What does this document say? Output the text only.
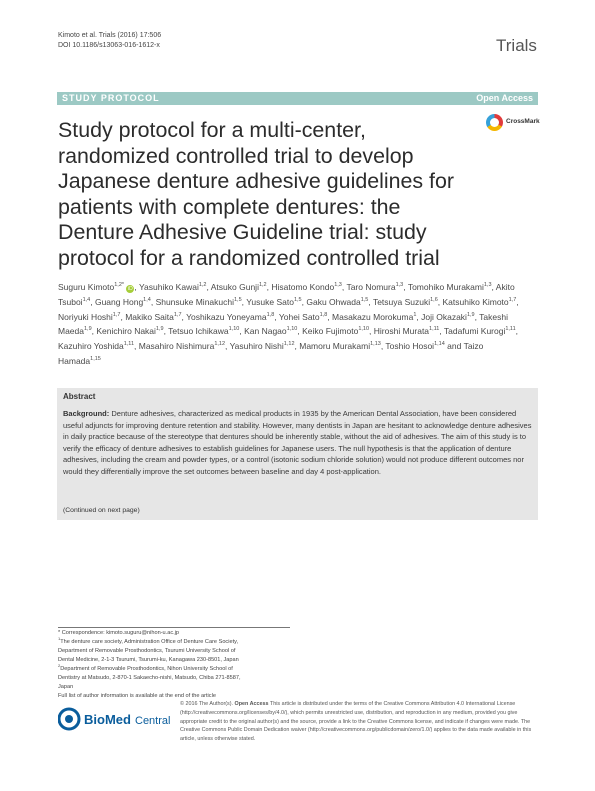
Kimoto et al. Trials (2016) 17:506
DOI 10.1186/s13063-016-1612-x	Trials
STUDY PROTOCOL	Open Access
Study protocol for a multi-center, randomized controlled trial to develop Japanese denture adhesive guidelines for patients with complete dentures: the Denture Adhesive Guideline trial: study protocol for a randomized controlled trial
CrossMark
Suguru Kimoto$^{1,2*}$ iD , Yasuhiko Kawai$^{1,2}$, Atsuko Gunji$^{1,2}$, Hisatomo Kondo$^{1,3}$, Taro Nomura$^{1,3}$, Tomohiko Murakami$^{1,3}$, Akito Tsuboi$^{1,4}$, Guang Hong$^{1,4}$, Shunsuke Minakuchi$^{1,5}$, Yusuke Sato$^{1,5}$, Gaku Ohwada$^{1,5}$, Tetsuya Suzuki$^{1,6}$, Katsuhiko Kimoto$^{1,7}$, Noriyuki Hoshi$^{1,7}$, Makiko Saita$^{1,7}$, Yoshikazu Yoneyama$^{1,8}$, Yohei Sato$^{1,8}$, Masakazu Morokuma$^1$, Joji Okazaki$^{1,9}$, Takeshi Maeda$^{1,9}$, Kenichiro Nakai$^{1,9}$, Tetsuo Ichikawa$^{1,10}$, Kan Nagao$^{1,10}$, Keiko Fujimoto$^{1,10}$, Hiroshi Murata$^{1,11}$, Tadafumi Kurogi$^{1,11}$, Kazuhiro Yoshida$^{1,11}$, Masahiro Nishimura$^{1,12}$, Yasuhiro Nishi$^{1,12}$, Mamoru Murakami$^{1,13}$, Toshio Hosoi$^{1,14}$ and Taizo Hamada$^{1,15}$
Abstract
Background: Denture adhesives, characterized as medical products in 1935 by the American Dental Association, have been considered useful adjuncts for improving denture retention and stability. However, many dentists in Japan are hesitant to acknowledge denture adhesives in daily practice because of the stereotype that dentures should be inherently stable, without the aid of adhesives. The aim of this study is to verify the efficacy of denture adhesives to establish guidelines for Japanese users. The null hypothesis is that the application of denture adhesives, including the cream and powder types, or a control (isotonic sodium chloride solution) would not produce different outcomes nor would they differentially improve the set outcomes between baseline and day 4 post-application.
(Continued on next page)
* Correspondence: kimoto.suguru@nihon-u.ac.jp
$^1$The denture care society, Administration Office of Denture Care Society,
Department of Removable Prosthodontics, Tsurumi University School of
Dental Medicine, 2-1-3 Tsurumi, Tsurumi-ku, Kanagawa 230-8501, Japan
$^2$Department of Removable Prosthodontics, Nihon University School of
Dentistry at Matsudo, 2-870-1 Sakaecho-nishi, Matsudo, Chiba 271-8587,
Japan
Full list of author information is available at the end of the article
BioMed Central
© 2016 The Author(s). Open Access This article is distributed under the terms of the Creative Commons Attribution 4.0 International License (http://creativecommons.org/licenses/by/4.0/), which permits unrestricted use, distribution, and reproduction in any medium, provided you give appropriate credit to the original author(s) and the source, provide a link to the Creative Commons license, and indicate if changes were made. The Creative Commons Public Domain Dedication waiver (http://creativecommons.org/publicdomain/zero/1.0/) applies to the data made available in this article, unless otherwise stated.
